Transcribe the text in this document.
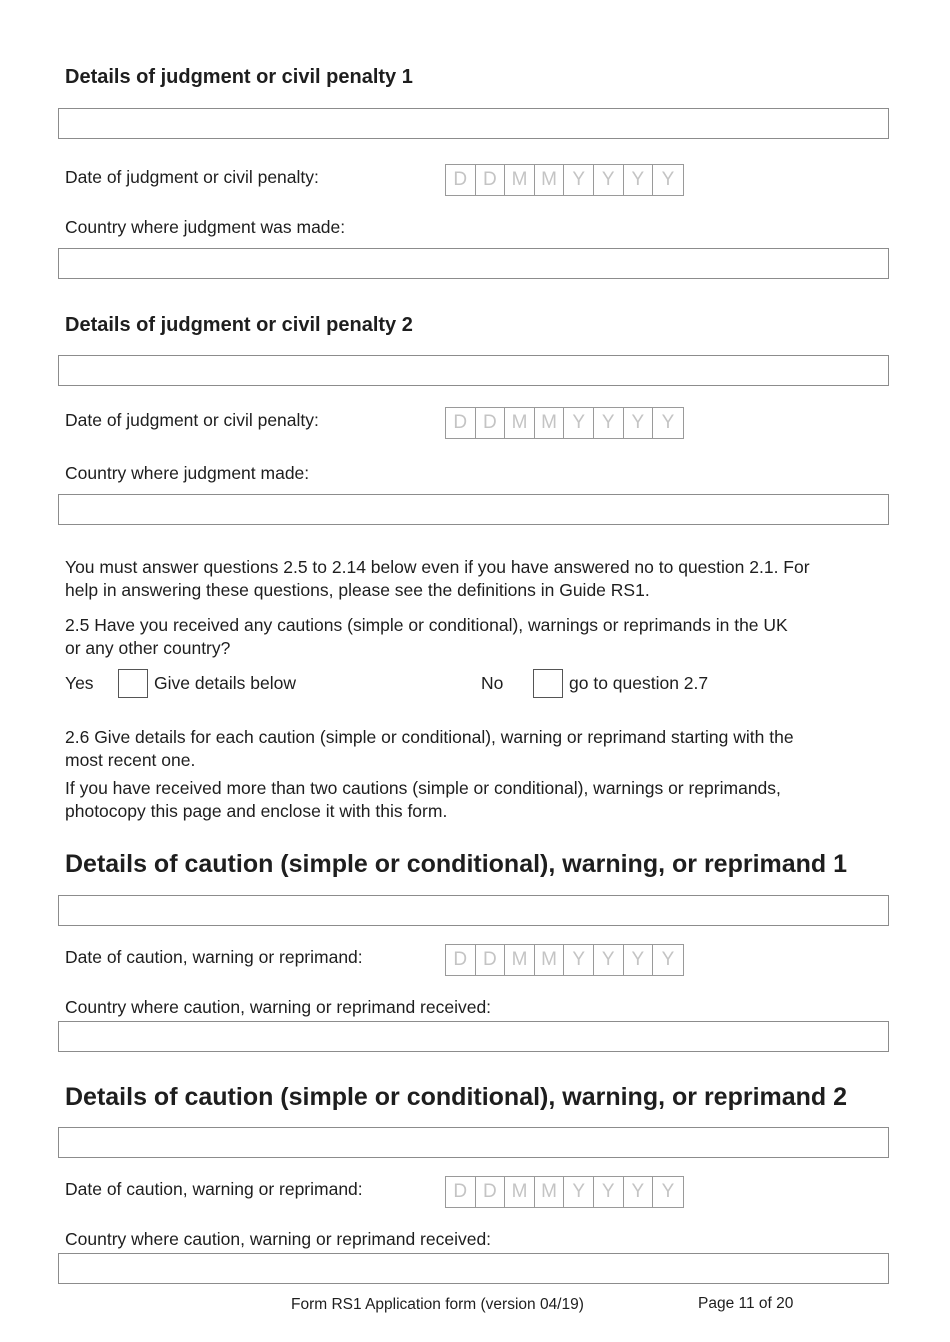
Details of judgment or civil penalty 1
Date of judgment or civil penalty:	D D M M Y Y Y Y
Country where judgment was made:
Details of judgment or civil penalty 2
Date of judgment or civil penalty:	D D M M Y Y Y Y
Country where judgment made:
You must answer questions 2.5 to 2.14 below even if you have answered no to question 2.1. For
help in answering these questions, please see the definitions in Guide RS1.
2.5 Have you received any cautions (simple or conditional), warnings or reprimands in the UK
or any other country?
Yes	Give details below	No	go to question 2.7
2.6 Give details for each caution (simple or conditional), warning or reprimand starting with the
most recent one.
If you have received more than two cautions (simple or conditional), warnings or reprimands,
photocopy this page and enclose it with this form.
Details of caution (simple or conditional), warning, or reprimand 1
Date of caution, warning or reprimand:	D D M M Y Y Y Y
Country where caution, warning or reprimand received:
Details of caution (simple or conditional), warning, or reprimand 2
Date of caution, warning or reprimand:	D D M M Y Y Y Y
Country where caution, warning or reprimand received:
Form RS1 Application form (version 04/19)	Page 11 of 20
